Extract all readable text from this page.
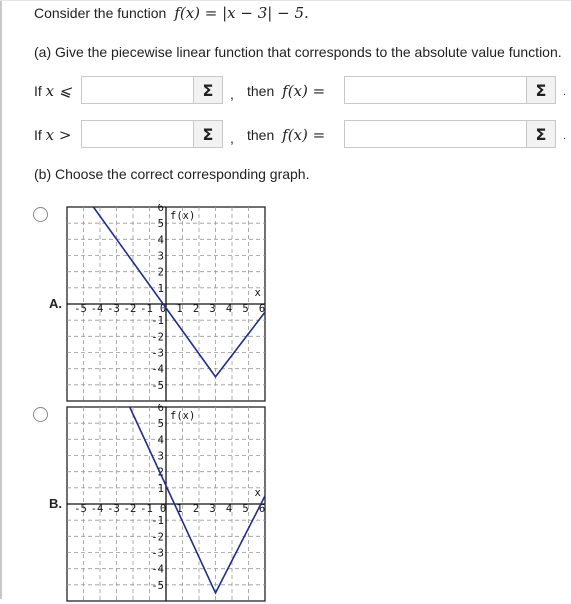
Consider the function f(x) = |x − 3| − 5.
(a) Give the piecewise linear function that corresponds to the absolute value function.
If x ⩽	Σ , then f(x) =	Σ .
If x >	Σ , then f(x) =	Σ .
(b) Choose the correct corresponding graph.
A. -5 -4 -3 -2 -1 0 1 2 3 4 5 6
6
5
4
3
2
1
-1
-2
-3
-4
-5
f(x)
x
B. -5 -4 -3 -2 -1 0 1 2 3 4 5 6
6
5
4
3
2
1
-1
-2
-3
-4
-5
f(x)
x
